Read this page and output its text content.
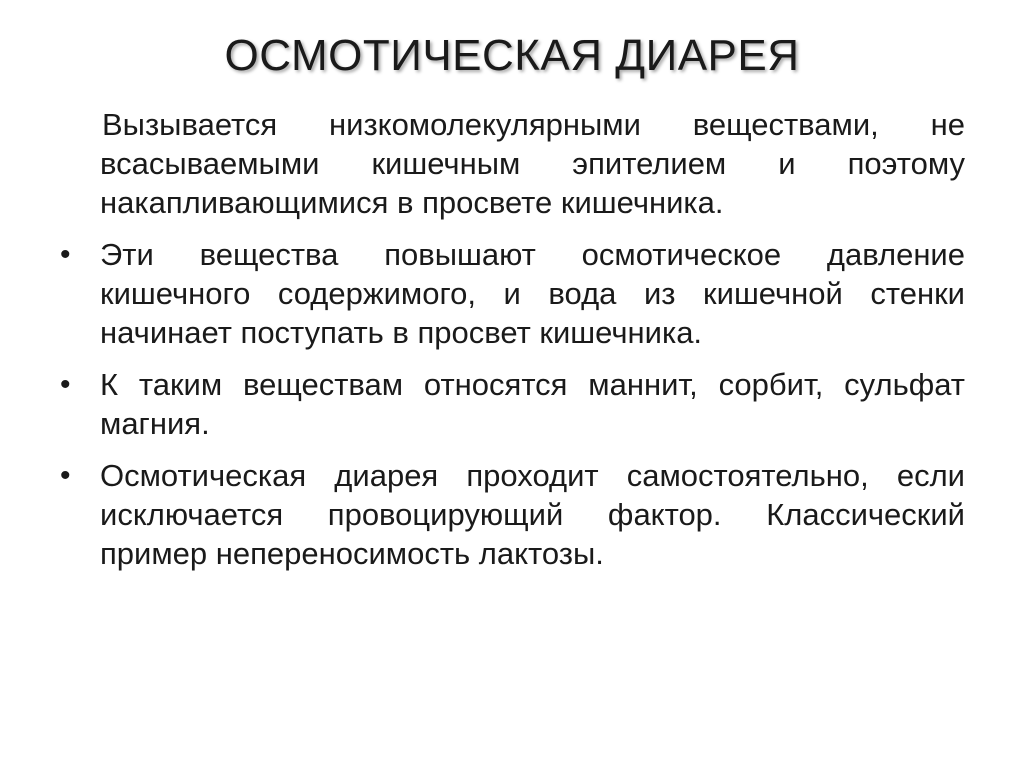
ОСМОТИЧЕСКАЯ ДИАРЕЯ
Вызывается низкомолекулярными веществами, не всасываемыми кишечным эпителием и поэтому накапливающимися в просвете кишечника.
• Эти вещества повышают осмотическое давление кишечного содержимого, и вода из кишечной стенки начинает поступать в просвет кишечника.
• К таким веществам относятся маннит, сорбит, сульфат магния.
• Осмотическая диарея проходит самостоятельно, если исключается провоцирующий фактор. Классический пример непереносимость лактозы.
